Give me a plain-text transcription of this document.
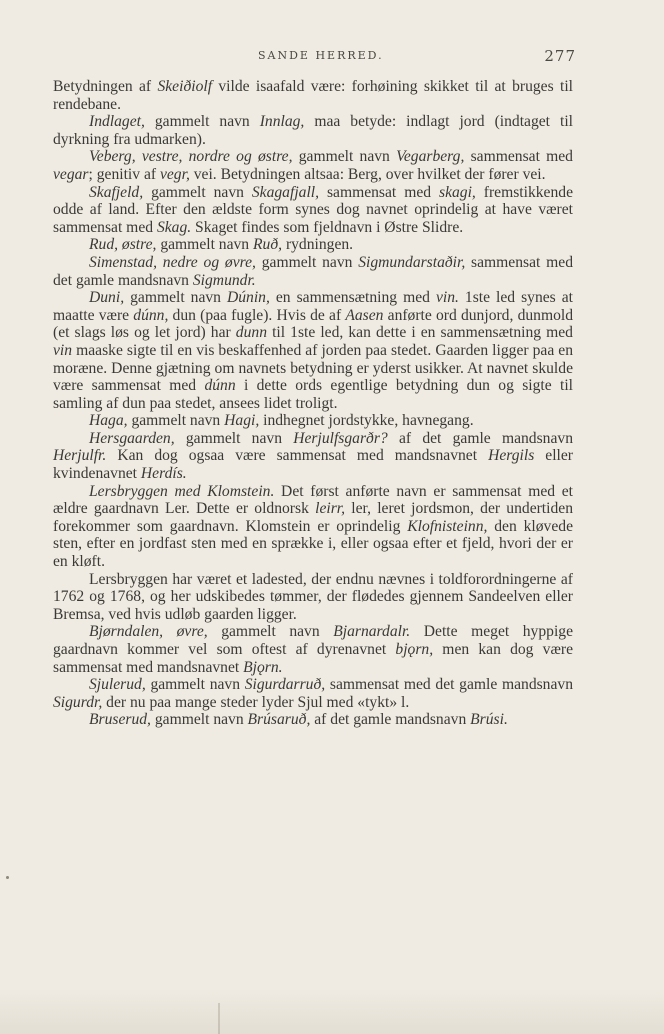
SANDE HERRED.	277

Betydningen af Skeiðiolf vilde isaafald være: forhøining skikket til at bruges til rendebane.

Indlaget, gammelt navn Innlag, maa betyde: indlagt jord (indtaget til dyrkning fra udmarken).

Veberg, vestre, nordre og østre, gammelt navn Vegarberg, sammensat med vegar; genitiv af vegr, vei. Betydningen altsaa: Berg, over hvilket der fører vei.

Skafjeld, gammelt navn Skagafjall, sammensat med skagi, fremstikkende odde af land. Efter den ældste form synes dog navnet oprindelig at have været sammensat med Skag. Skaget findes som fjeldnavn i Østre Slidre.

Rud, østre, gammelt navn Ruð, rydningen.

Simenstad, nedre og øvre, gammelt navn Sigmundarstaðir, sammensat med det gamle mandsnavn Sigmundr.

Duni, gammelt navn Dúnin, en sammensætning med vin. 1ste led synes at maatte være dúnn, dun (paa fugle). Hvis de af Aasen anførte ord dunjord, dunmold (et slags løs og let jord) har dunn til 1ste led, kan dette i en sammensætning med vin maaske sigte til en vis beskaffenhed af jorden paa stedet. Gaarden ligger paa en moræne. Denne gjætning om navnets betydning er yderst usikker. At navnet skulde være sammensat med dúnn i dette ords egentlige betydning dun og sigte til samling af dun paa stedet, ansees lidet troligt.

Haga, gammelt navn Hagi, indhegnet jordstykke, havnegang.

Hersgaarden, gammelt navn Herjulfsgarðr? af det gamle mandsnavn Herjulfr. Kan dog ogsaa være sammensat med mandsnavnet Hergils eller kvindenavnet Herdís.

Lersbryggen med Klomstein. Det først anførte navn er sammensat med et ældre gaardnavn Ler. Dette er oldnorsk leirr, ler, leret jordsmon, der undertiden forekommer som gaardnavn. Klomstein er oprindelig Klofnisteinn, den kløvede sten, efter en jordfast sten med en sprække i, eller ogsaa efter et fjeld, hvori der er en kløft.

Lersbryggen har været et ladested, der endnu nævnes i toldforordningerne af 1762 og 1768, og her udskibedes tømmer, der flødedes gjennem Sandeelven eller Bremsa, ved hvis udløb gaarden ligger.

Bjørndalen, øvre, gammelt navn Bjarnardalr. Dette meget hyppige gaardnavn kommer vel som oftest af dyrenavnet bjǫrn, men kan dog være sammensat med mandsnavnet Bjǫrn.

Sjulerud, gammelt navn Sigurdarruð, sammensat med det gamle mandsnavn Sigurdr, der nu paa mange steder lyder Sjul med «tykt» l.

Bruserud, gammelt navn Brúsaruð, af det gamle mandsnavn Brúsi.
